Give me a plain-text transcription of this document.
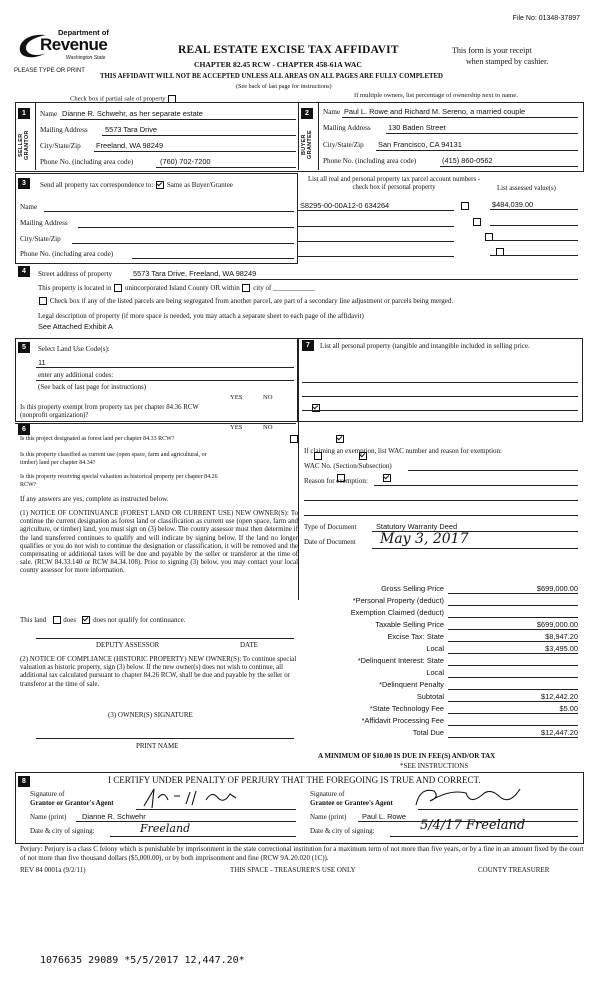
File No: 01348-37897
Department of
Revenue
Washington State
PLEASE TYPE OR PRINT
REAL ESTATE EXCISE TAX AFFIDAVIT
CHAPTER 82.45 RCW - CHAPTER 458-61A WAC
This form is your receipt
when stamped by cashier.
THIS AFFIDAVIT WILL NOT BE ACCEPTED UNLESS ALL AREAS ON ALL PAGES ARE FULLY COMPLETED
(See back of last page for instructions)
Check box if partial sale of property
If multiple owners, list percentage of ownership next to name.
1
SELLER GRANTOR
Name Dianne R. Schwehr, as her separate estate
Mailing Address 5573 Tara Drive
City/State/Zip Freeland, WA 98249
Phone No. (including area code)	(760) 702-7200
2
BUYER GRANTEE
Name Paul L. Rowe and Richard M. Sereno, a married couple
Mailing Address 130 Baden Street
City/State/Zip San Francisco, CA 94131
Phone No. (including area code)	(415) 860-0562
3	Send all property tax correspondence to: Same as Buyer/Grantee
Name
Mailing Address
City/State/Zip
Phone No. (including area code)
List all real and personal property tax parcel account numbers - check box if personal property	List assessed value(s)
S8295-00-00A12-0 634264
	$484,039.00

4	Street address of property	5573 Tara Drive, Freeland, WA 98249
This property is located in unincorporated Island County OR within city of ____________
Check box if any of the listed parcels are being segregated from another parcel, are part of a secondary line adjustment or parcels being merged.
Legal description of property (if more space is needed, you may attach a separate sheet to each page of the affidavit)
See Attached Exhibit A
5	Select Land Use Code(s):
11
enter any additional codes:
(See back of last page for instructions)
YES	NO
Is this property exempt from property tax per chapter 84.36 RCW (nonprofit organization)?

6	YES	NO
Is this project designated as forest land per chapter 84.33 RCW?

Is this property classified as current use (open space, farm and agricultural, or timber) land per chapter 84.34?

Is this property receiving special valuation as historical property per chapter 84.26 RCW?

If any answers are yes, complete as instructed below.
(1) NOTICE OF CONTINUANCE (FOREST LAND OR CURRENT USE) NEW OWNER(S): To continue the current designation as forest land or classification as current use (open space, farm and agriculture, or timber) land, you must sign on (3) below. The county assessor must then determine if the land transferred continues to qualify and will indicate by signing below. If the land no longer qualifies or you do not wish to continue the designation or classification, it will be removed and the compensating or additional taxes will be due and payable by the seller or transferor at the time of sale. (RCW 84.33.140 or RCW 84.34.108). Prior to signing (3) below, you may contact your local county assessor for more information.
This land does does not qualify for continuance.
DEPUTY ASSESSOR	DATE
(2) NOTICE OF COMPLIANCE (HISTORIC PROPERTY) NEW OWNER(S): To continue special valuation as historic property, sign (3) below. If the new owner(s) does not wish to continue, all additional tax calculated pursuant to chapter 84.26 RCW, shall be due and payable by the seller or transferor at the time of sale.
(3) OWNER(S) SIGNATURE
PRINT NAME
7	List all personal property (tangible and intangible included in selling price.
If claiming an exemption, list WAC number and reason for exemption:
WAC No. (Section/Subsection)
Reason for exemption:
Type of Document	Statutory Warranty Deed
Date of Document May 3, 2017
Gross Selling Price	$699,000.00
*Personal Property (deduct)
Exemption Claimed (deduct)
Taxable Selling Price	$699,000.00
Excise Tax: State	$8,947.20
Local	$3,495.00
*Delinquent Interest: State
Local
*Delinquent Penalty
Subtotal	$12,442.20
*State Technology Fee	$5.00
*Affidavit Processing Fee
Total Due	$12,447.20
A MINIMUM OF $10.00 IS DUE IN FEE(S) AND/OR TAX
*SEE INSTRUCTIONS
8	I CERTIFY UNDER PENALTY OF PERJURY THAT THE FOREGOING IS TRUE AND CORRECT.
Signature of
Grantor or Grantor's Agent
Name (print) Dianne R. Schwehr
Date & city of signing:	Freeland
Signature of
Grantee or Grantee's Agent
Name (print) Paul L. Rowe
Date & city of signing:	5/4/17 Freeland
Perjury: Perjury is a class C felony which is punishable by imprisonment in the state correctional institution for a maximum term of not more than five years, or by a fine in an amount fixed by the court of not more than five thousand dollars ($5,000.00), or by both imprisonment and fine (RCW 9A.20.020 (1C)).
REV 84 0001a (9/2/11)	THIS SPACE - TREASURER'S USE ONLY	COUNTY TREASURER
1076635 29089 *5/5/2017 12,447.20*
